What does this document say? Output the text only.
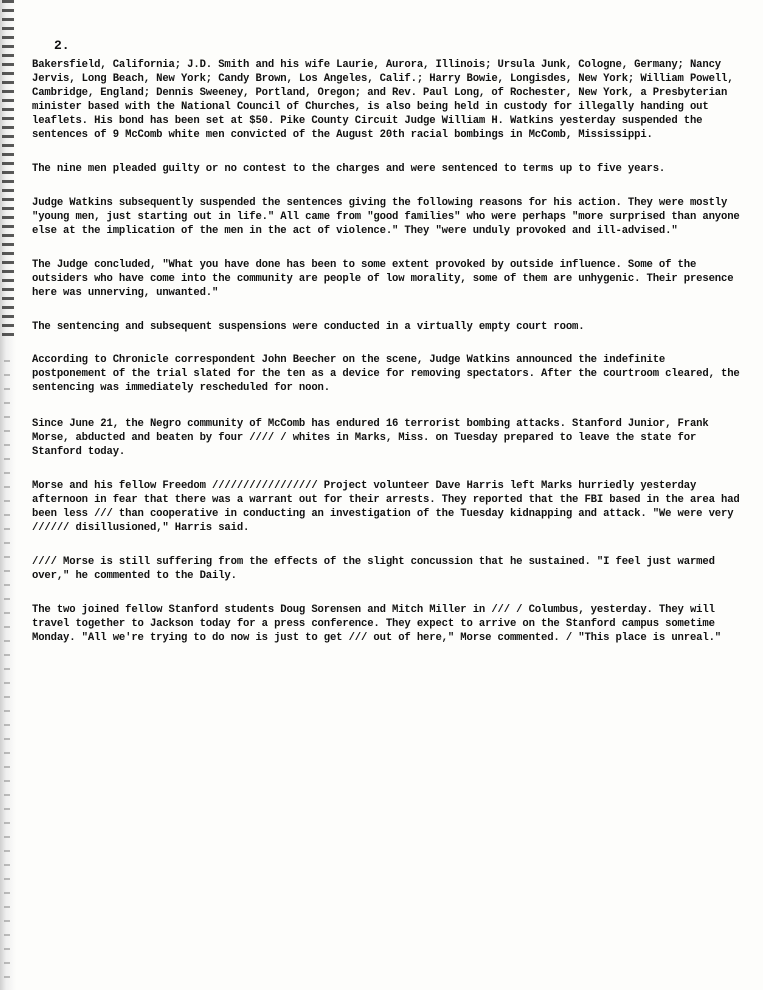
2.

Bakersfield, California; J.D. Smith and his wife Laurie, Aurora, Illinois; Ursula Junk, Cologne, Germany; Nancy Jervis, Long Beach, New York; Candy Brown, Los Angeles, Calif.; Harry Bowie, Longisdes, New York; William Powell, Cambridge, England; Dennis Sweeney, Portland, Oregon; and Rev. Paul Long, of Rochester, New York, a Presbyterian minister based with the National Council of Churches, is also being held in custody for illegally handing out leaflets. His bond has been set at $50. Pike County Circuit Judge William H. Watkins yesterday suspended the sentences of 9 McComb white men convicted of the August 20th racial bombings in McComb, Mississippi.

The nine men pleaded guilty or no contest to the charges and were sentenced to terms up to five years.

Judge Watkins subsequently suspended the sentences giving the following reasons for his action. They were mostly "young men, just starting out in life." All came from "good families" who were perhaps "more surprised than anyone else at the implication of the men in the act of violence." They "were unduly provoked and ill-advised."

The Judge concluded, "What you have done has been to some extent provoked by outside influence. Some of the outsiders who have come into the community are people of low morality, some of them are unhygenic. Their presence here was unnerving, unwanted."

The sentencing and subsequent suspensions were conducted in a virtually empty court room.

According to Chronicle correspondent John Beecher on the scene, Judge Watkins announced the indefinite postponement of the trial slated for the ten as a device for removing spectators. After the courtroom cleared, the sentencing was immediately rescheduled for noon.

Since June 21, the Negro community of McComb has endured 16 terrorist bombing attacks. Stanford Junior, Frank Morse, abducted and beaten by four //// / whites in Marks, Miss. on Tuesday prepared to leave the state for Stanford today.

Morse and his fellow Freedom ///////////////// Project volunteer Dave Harris left Marks hurriedly yesterday afternoon in fear that there was a warrant out for their arrests. They reported that the FBI based in the area had been less /// than cooperative in conducting an investigation of the Tuesday kidnapping and attack. "We were very ////// disillusioned," Harris said.

//// Morse is still suffering from the effects of the slight concussion that he sustained. "I feel just warmed over," he commented to the Daily.

The two joined fellow Stanford students Doug Sorensen and Mitch Miller in /// / Columbus, yesterday. They will travel together to Jackson today for a press conference. They expect to arrive on the Stanford campus sometime Monday. "All we're trying to do now is just to get /// out of here," Morse commented. / "This place is unreal."
